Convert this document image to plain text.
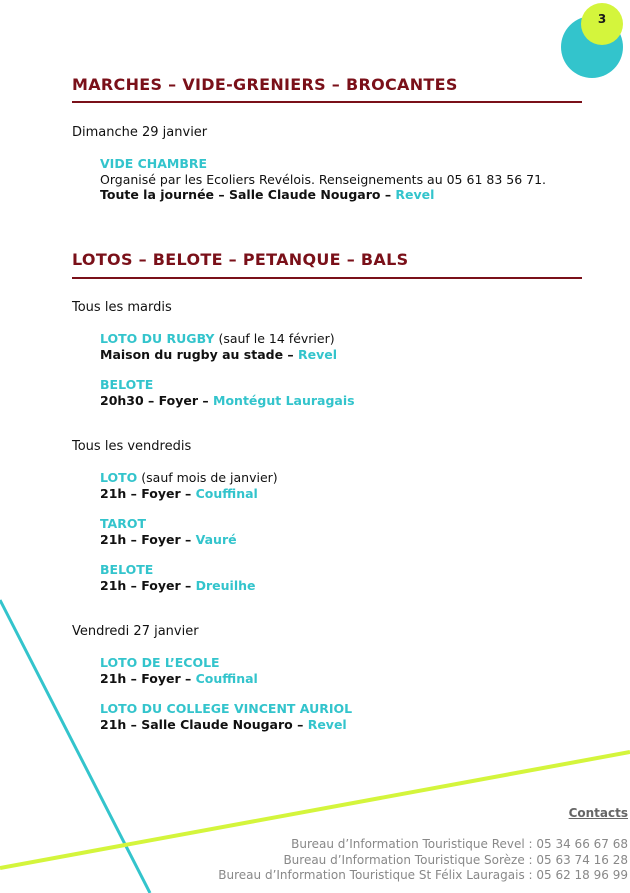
3
MARCHES – VIDE-GRENIERS – BROCANTES
Dimanche 29 janvier
VIDE CHAMBRE
Organisé par les Ecoliers Revélois. Renseignements au 05 61 83 56 71.
Toute la journée – Salle Claude Nougaro – Revel
LOTOS – BELOTE – PETANQUE – BALS
Tous les mardis
LOTO DU RUGBY (sauf le 14 février)
Maison du rugby au stade – Revel
BELOTE
20h30 – Foyer – Montégut Lauragais
Tous les vendredis
LOTO (sauf mois de janvier)
21h – Foyer – Couffinal
TAROT
21h – Foyer – Vauré
BELOTE
21h – Foyer – Dreuilhe
Vendredi 27 janvier
LOTO DE L’ECOLE
21h – Foyer – Couffinal
LOTO DU COLLEGE VINCENT AURIOL
21h – Salle Claude Nougaro – Revel
Contacts
Bureau d’Information Touristique Revel : 05 34 66 67 68
Bureau d’Information Touristique Sorèze : 05 63 74 16 28
Bureau d’Information Touristique St Félix Lauragais : 05 62 18 96 99
